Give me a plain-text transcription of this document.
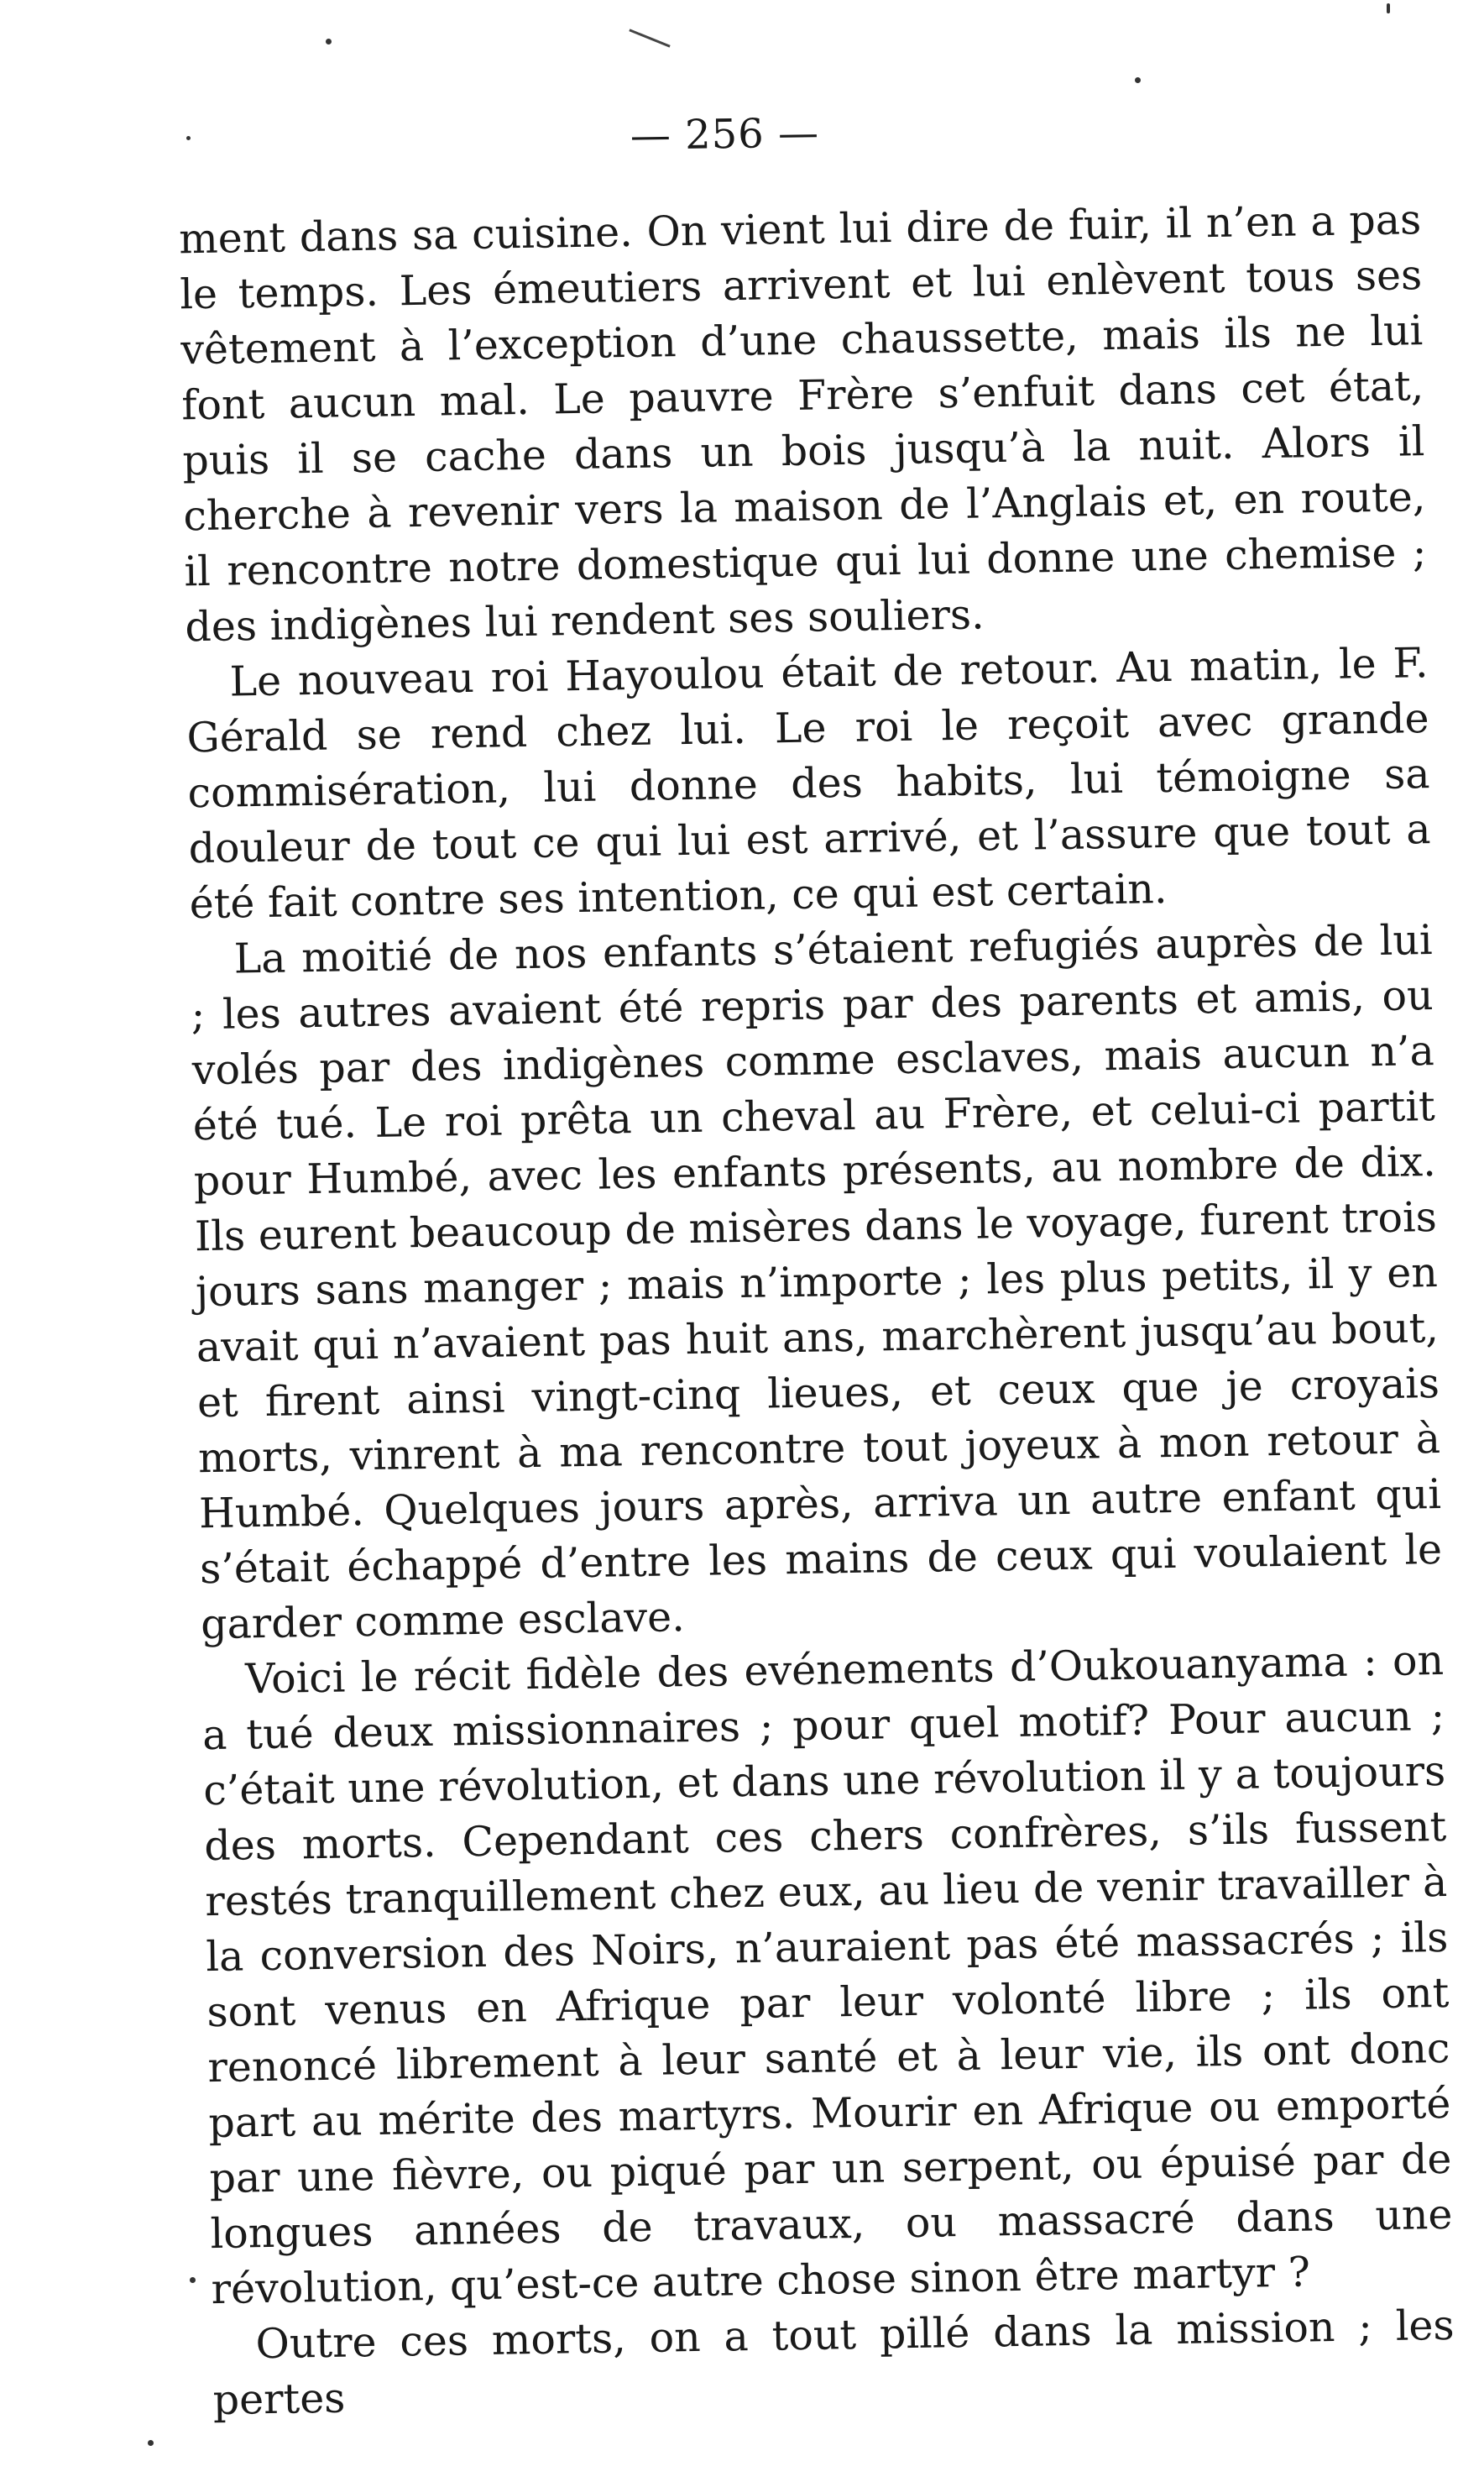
— 256 —

ment dans sa cuisine. On vient lui dire de fuir, il n’en a pas le temps. Les émeutiers arrivent et lui enlèvent tous ses vêtement à l’exception d’une chaussette, mais ils ne lui font aucun mal. Le pauvre Frère s’enfuit dans cet état, puis il se cache dans un bois jusqu’à la nuit. Alors il cherche à revenir vers la maison de l’Anglais et, en route, il rencontre notre domestique qui lui donne une chemise ; des indigènes lui rendent ses souliers.

Le nouveau roi Hayoulou était de retour. Au matin, le F. Gérald se rend chez lui. Le roi le reçoit avec grande commisération, lui donne des habits, lui témoigne sa douleur de tout ce qui lui est arrivé, et l’assure que tout a été fait contre ses intention, ce qui est certain.

La moitié de nos enfants s’étaient refugiés auprès de lui ; les autres avaient été repris par des parents et amis, ou volés par des indigènes comme esclaves, mais aucun n’a été tué. Le roi prêta un cheval au Frère, et celui-ci partit pour Humbé, avec les enfants présents, au nombre de dix. Ils eurent beaucoup de misères dans le voyage, furent trois jours sans manger ; mais n’importe ; les plus petits, il y en avait qui n’avaient pas huit ans, marchèrent jusqu’au bout, et firent ainsi vingt-cinq lieues, et ceux que je croyais morts, vinrent à ma rencontre tout joyeux à mon retour à Humbé. Quelques jours après, arriva un autre enfant qui s’était échappé d’entre les mains de ceux qui voulaient le garder comme esclave.

Voici le récit fidèle des evénements d’Oukouanyama : on a tué deux missionnaires ; pour quel motif? Pour aucun ; c’était une révolution, et dans une révolution il y a toujours des morts. Cependant ces chers confrères, s’ils fussent restés tranquillement chez eux, au lieu de venir travailler à la conversion des Noirs, n’auraient pas été massacrés ; ils sont venus en Afrique par leur volonté libre ; ils ont renoncé librement à leur santé et à leur vie, ils ont donc part au mérite des martyrs. Mourir en Afrique ou emporté par une fièvre, ou piqué par un serpent, ou épuisé par de longues années de travaux, ou massacré dans une révolution, qu’est-ce autre chose sinon être martyr ?

Outre ces morts, on a tout pillé dans la mission ; les pertes
